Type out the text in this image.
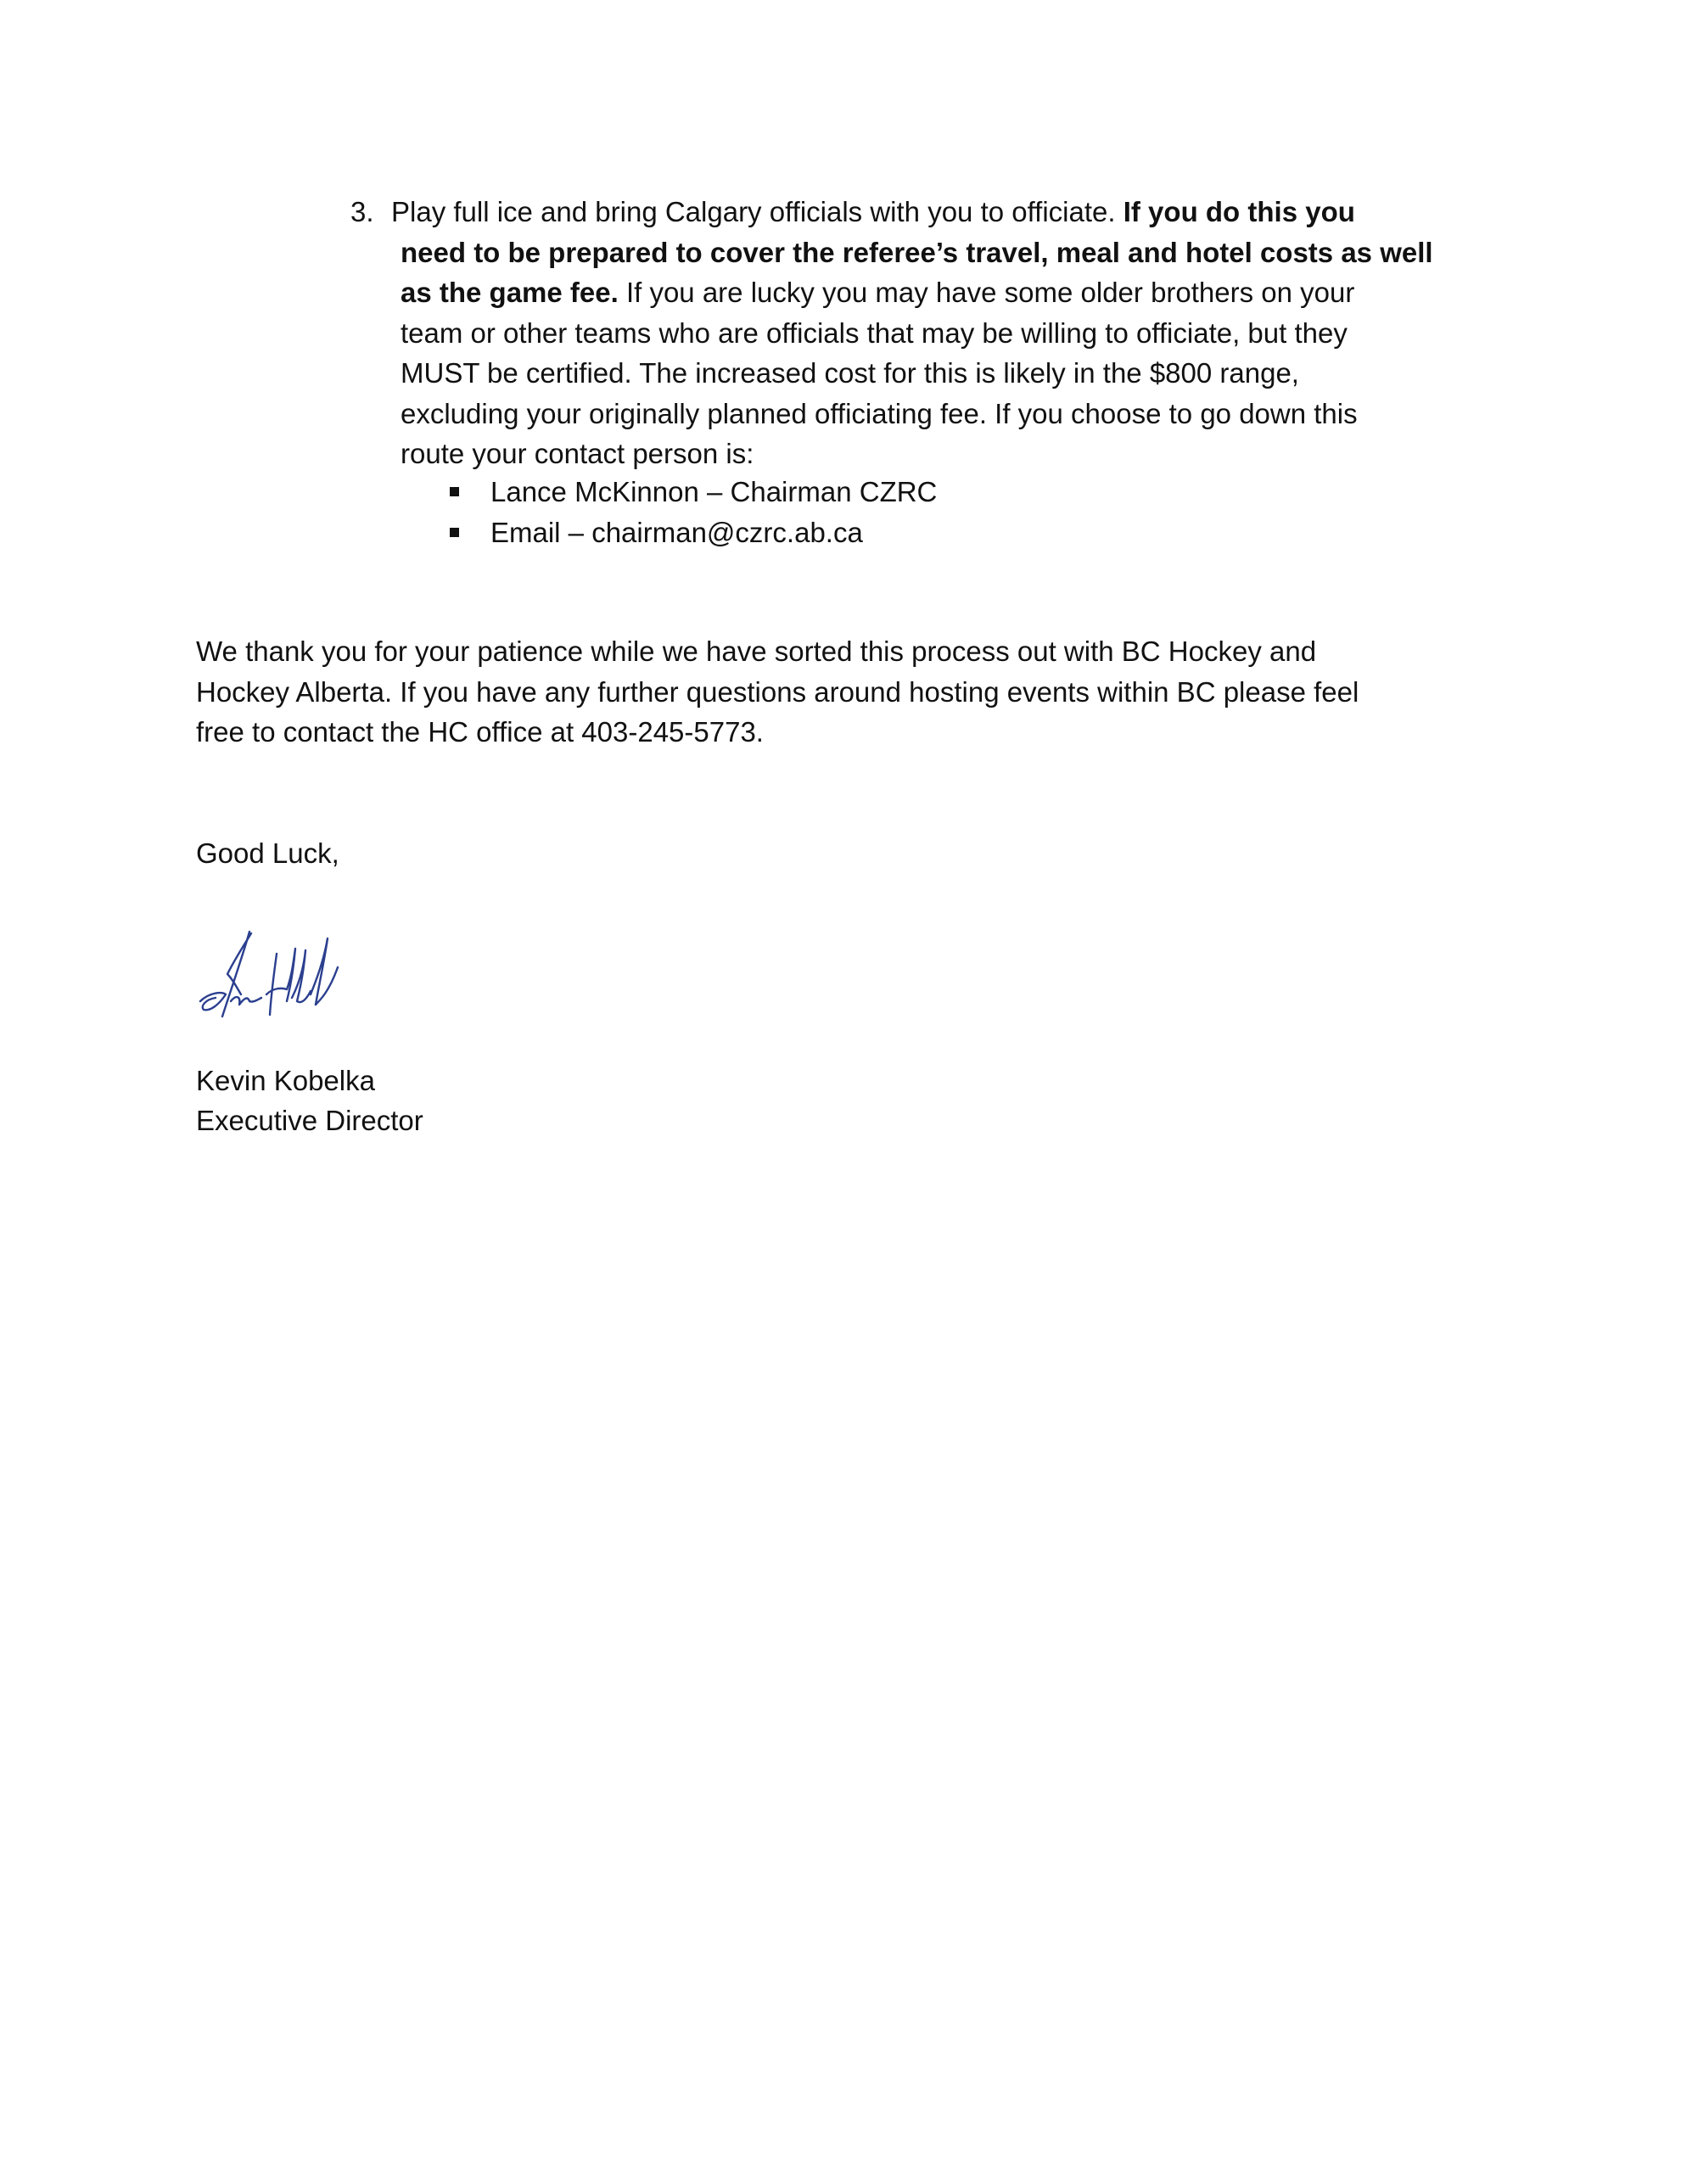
3. Play full ice and bring Calgary officials with you to officiate. If you do this you
need to be prepared to cover the referee’s travel, meal and hotel costs as well
as the game fee. If you are lucky you may have some older brothers on your
team or other teams who are officials that may be willing to officiate, but they
MUST be certified. The increased cost for this is likely in the $800 range,
excluding your originally planned officiating fee. If you choose to go down this
route your contact person is:
Lance McKinnon – Chairman CZRC
Email – chairman@czrc.ab.ca
We thank you for your patience while we have sorted this process out with BC Hockey and
Hockey Alberta. If you have any further questions around hosting events within BC please feel
free to contact the HC office at 403-245-5773.
Good Luck,
Kevin Kobelka
Executive Director
